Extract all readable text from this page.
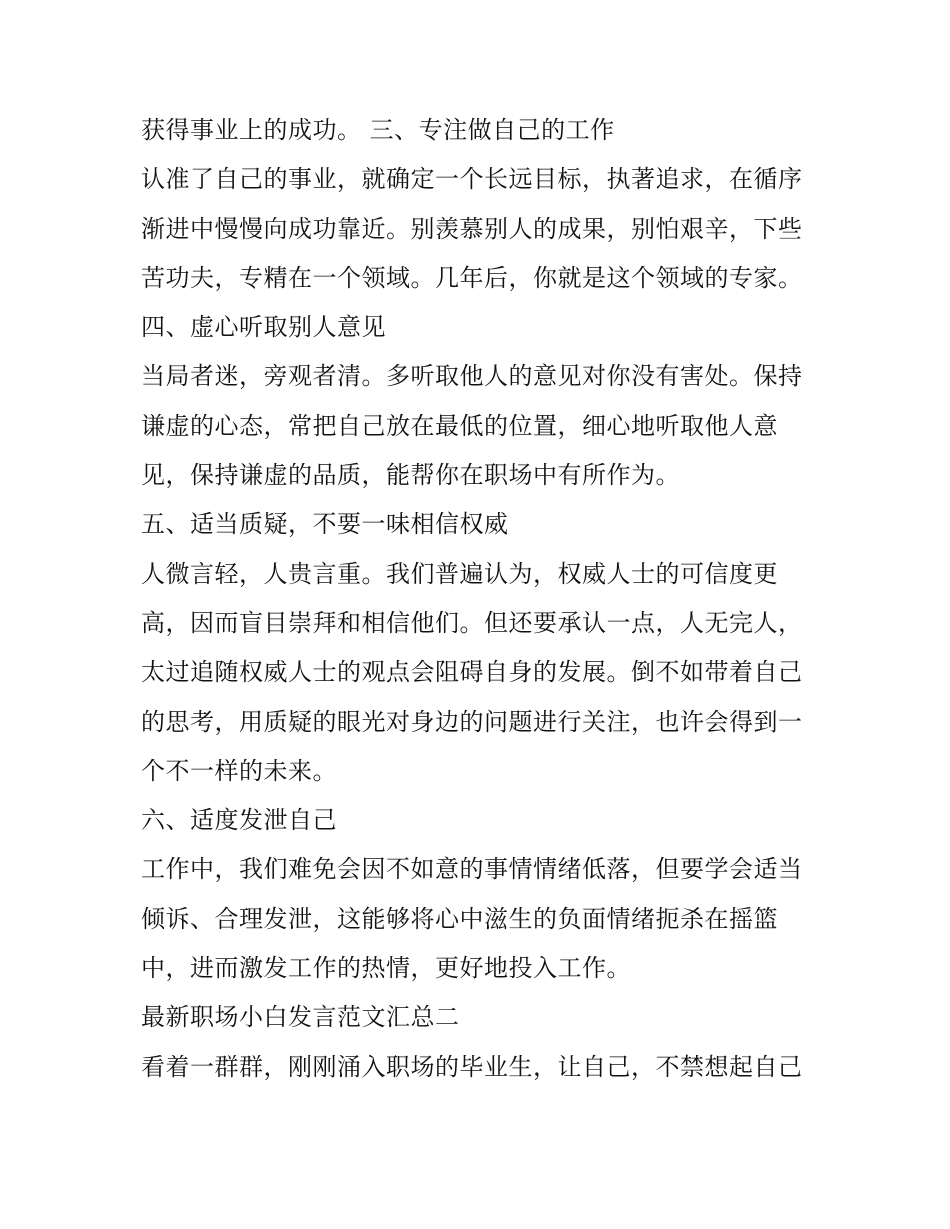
获得事业上的成功。 三、专注做自己的工作
认准了自己的事业，就确定一个长远目标，执著追求，在循序
渐进中慢慢向成功靠近。别羡慕别人的成果，别怕艰辛，下些
苦功夫，专精在一个领域。几年后，你就是这个领域的专家。
四、虚心听取别人意见
当局者迷，旁观者清。多听取他人的意见对你没有害处。保持
谦虚的心态，常把自己放在最低的位置，细心地听取他人意
见，保持谦虚的品质，能帮你在职场中有所作为。
五、适当质疑，不要一味相信权威
人微言轻，人贵言重。我们普遍认为，权威人士的可信度更
高，因而盲目崇拜和相信他们。但还要承认一点，人无完人，
太过追随权威人士的观点会阻碍自身的发展。倒不如带着自己
的思考，用质疑的眼光对身边的问题进行关注，也许会得到一
个不一样的未来。
六、适度发泄自己
工作中，我们难免会因不如意的事情情绪低落，但要学会适当
倾诉、合理发泄，这能够将心中滋生的负面情绪扼杀在摇篮
中，进而激发工作的热情，更好地投入工作。
最新职场小白发言范文汇总二
看着一群群，刚刚涌入职场的毕业生，让自己，不禁想起自己
